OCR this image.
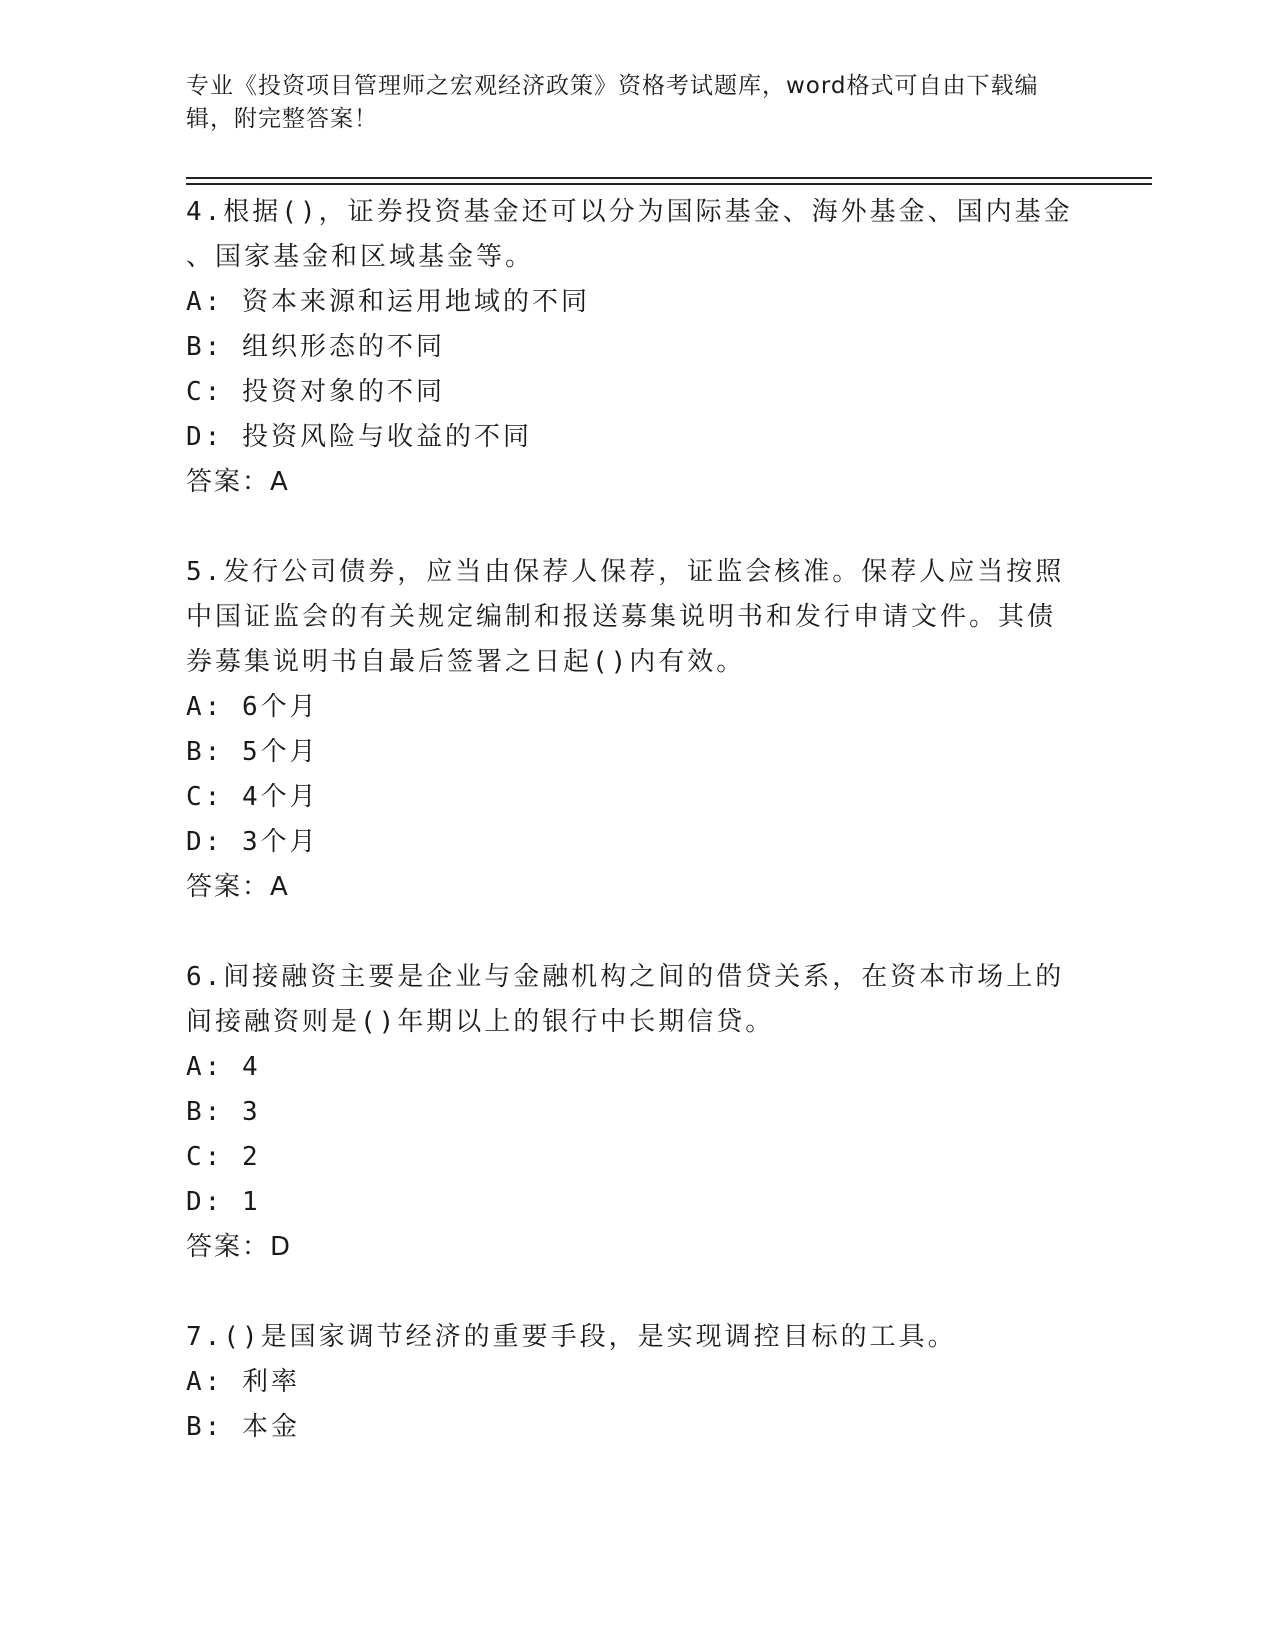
专业《投资项目管理师之宏观经济政策》资格考试题库，word格式可自由下载编
辑，附完整答案！

4.根据()，证券投资基金还可以分为国际基金、海外基金、国内基金

、国家基金和区域基金等。

A: 资本来源和运用地域的不同

B: 组织形态的不同

C: 投资对象的不同

D: 投资风险与收益的不同

答案：A

5.发行公司债券，应当由保荐人保荐，证监会核准。保荐人应当按照

中国证监会的有关规定编制和报送募集说明书和发行申请文件。其债

券募集说明书自最后签署之日起()内有效。

A: 6个月

B: 5个月

C: 4个月

D: 3个月

答案：A

6.间接融资主要是企业与金融机构之间的借贷关系，在资本市场上的

间接融资则是()年期以上的银行中长期信贷。

A: 4

B: 3

C: 2

D: 1

答案：D

7.()是国家调节经济的重要手段，是实现调控目标的工具。

A: 利率

B: 本金
